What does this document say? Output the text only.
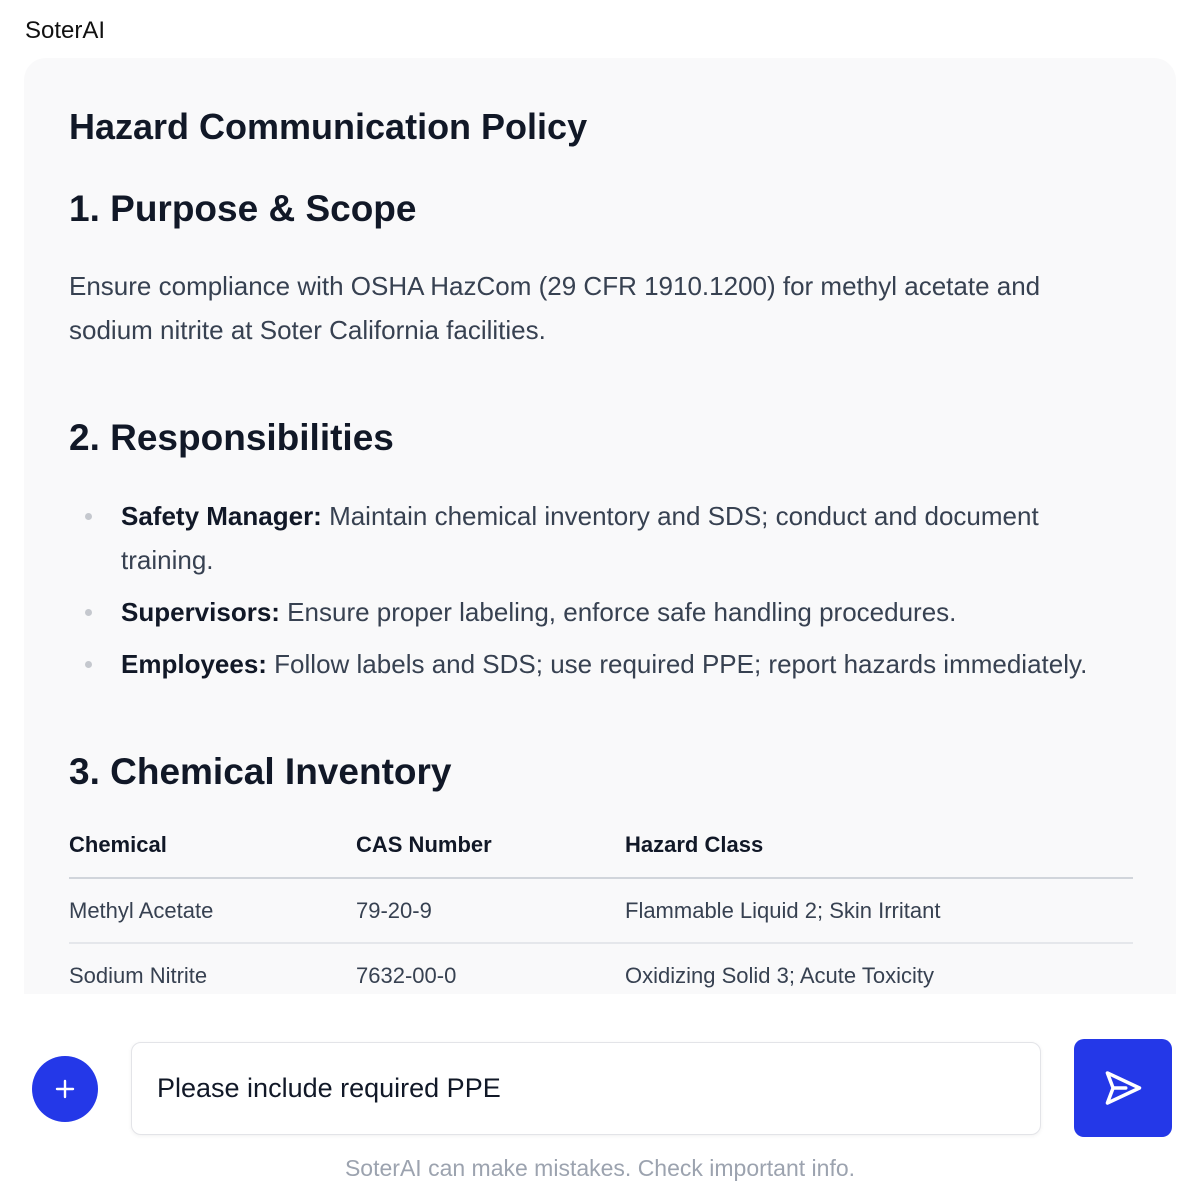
SoterAI
Hazard Communication Policy
1. Purpose & Scope

Ensure compliance with OSHA HazCom (29 CFR 1910.1200) for methyl acetate and sodium nitrite at Soter California facilities.

2. Responsibilities
Safety Manager: Maintain chemical inventory and SDS; conduct and document training.
Supervisors: Ensure proper labeling, enforce safe handling procedures.
Employees: Follow labels and SDS; use required PPE; report hazards immediately.
3. Chemical Inventory
Chemical	CAS Number	Hazard Class
Methyl Acetate	79-20-9	Flammable Liquid 2; Skin Irritant
Sodium Nitrite	7632-00-0	Oxidizing Solid 3; Acute Toxicity
Please include required PPE
SoterAI can make mistakes. Check important info.
